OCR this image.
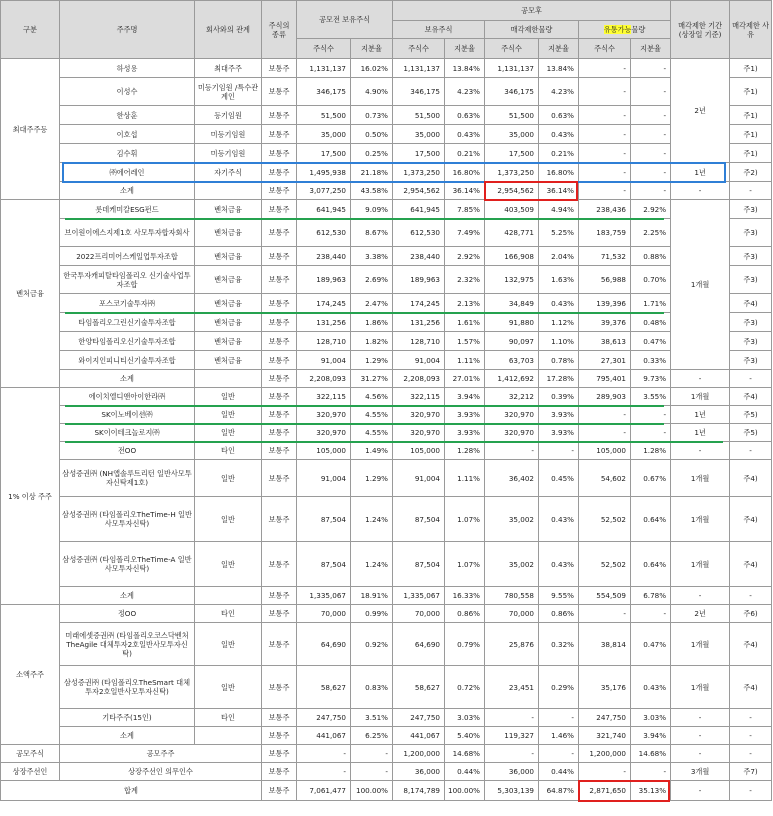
구분	주주명	회사와의 관계	주식의 종류	공모전 보유주식		공모후						매각제한 기간 (상장일 기준)	매각제한 사유
						보유주식		매각제한물량		유통가능물량			
				주식수	지분율	주식수	지분율	주식수	지분율	주식수	지분율		
최대주주등	하성용	최대주주	보통주	1,131,137	16.02%	1,131,137	13.84%	1,131,137	13.84%	-	-	2년	주1)
	이성수	미등기임원 /특수관계인	보통주	346,175	4.90%	346,175	4.23%	346,175	4.23%	-	-		주1)
	한상훈	등기임원	보통주	51,500	0.73%	51,500	0.63%	51,500	0.63%	-	-		주1)
	이호섭	미등기임원	보통주	35,000	0.50%	35,000	0.43%	35,000	0.43%	-	-		주1)
	김수휘	미등기임원	보통주	17,500	0.25%	17,500	0.21%	17,500	0.21%	-	-		주1)
	㈜에어레인	자기주식	보통주	1,495,938	21.18%	1,373,250	16.80%	1,373,250	16.80%	-	-	1년	주2)
	소계		보통주	3,077,250	43.58%	2,954,562	36.14%	2,954,562	36.14%	-	-	-	-
벤처금융	롯데케미칼ESG펀드	벤처금융	보통주	641,945	9.09%	641,945	7.85%	403,509	4.94%	238,436	2.92%	1개월	주3)
	브이원이에스지제1호 사모투자합자회사	벤처금융	보통주	612,530	8.67%	612,530	7.49%	428,771	5.25%	183,759	2.25%		주3)
	2022프리미어스케일업투자조합	벤처금융	보통주	238,440	3.38%	238,440	2.92%	166,908	2.04%	71,532	0.88%		주3)
	한국투자캐피탈타임폴리오 신기술사업투자조합	벤처금융	보통주	189,963	2.69%	189,963	2.32%	132,975	1.63%	56,988	0.70%		주3)
	포스코기술투자㈜	벤처금융	보통주	174,245	2.47%	174,245	2.13%	34,849	0.43%	139,396	1.71%		주4)
	타임폴리오그린신기술투자조합	벤처금융	보통주	131,256	1.86%	131,256	1.61%	91,880	1.12%	39,376	0.48%		주3)
	한양타임폴리오신기술투자조합	벤처금융	보통주	128,710	1.82%	128,710	1.57%	90,097	1.10%	38,613	0.47%		주3)
	와이지인피니티신기술투자조합	벤처금융	보통주	91,004	1.29%	91,004	1.11%	63,703	0.78%	27,301	0.33%		주3)
	소계		보통주	2,208,093	31.27%	2,208,093	27.01%	1,412,692	17.28%	795,401	9.73%	-	-
1% 이상 주주	에이치엘디앤아이한라㈜	일반	보통주	322,115	4.56%	322,115	3.94%	32,212	0.39%	289,903	3.55%	1개월	주4)
	SK이노베이션㈜	일반	보통주	320,970	4.55%	320,970	3.93%	320,970	3.93%	-	-	1년	주5)
	SK이이테크놀로지㈜	일반	보통주	320,970	4.55%	320,970	3.93%	320,970	3.93%	-	-	1년	주5)
	전OO	타인	보통주	105,000	1.49%	105,000	1.28%	-	-	105,000	1.28%	-	-
	삼성증권㈜ (NH앱솔루트리턴 일반사모투자신탁제1호)	일반	보통주	91,004	1.29%	91,004	1.11%	36,402	0.45%	54,602	0.67%	1개월	주4)
	삼성증권㈜ (타임폴리오TheTime-H 일반사모투자신탁)	일반	보통주	87,504	1.24%	87,504	1.07%	35,002	0.43%	52,502	0.64%	1개월	주4)
	삼성증권㈜ (타임폴리오TheTime-A 일반사모투자신탁)	일반	보통주	87,504	1.24%	87,504	1.07%	35,002	0.43%	52,502	0.64%	1개월	주4)
	소계		보통주	1,335,067	18.91%	1,335,067	16.33%	780,558	9.55%	554,509	6.78%	-	-
소액주주	정OO	타인	보통주	70,000	0.99%	70,000	0.86%	70,000	0.86%	-	-	2년	주6)
	미래에셋증권㈜ (타임폴리오코스닥벤처TheAgile 대체투자2호일반사모투자신탁)	일반	보통주	64,690	0.92%	64,690	0.79%	25,876	0.32%	38,814	0.47%	1개월	주4)
	삼성증권㈜ (타임폴리오TheSmart 대체투자2호일반사모투자신탁)	일반	보통주	58,627	0.83%	58,627	0.72%	23,451	0.29%	35,176	0.43%	1개월	주4)
	기타주주(15인)	타인	보통주	247,750	3.51%	247,750	3.03%	-	-	247,750	3.03%	-	-
	소계		보통주	441,067	6.25%	441,067	5.40%	119,327	1.46%	321,740	3.94%	-	-
공모주식	공모주주		보통주	-	-	1,200,000	14.68%	-	-	1,200,000	14.68%	-	-
상장주선인	상장주선인 의무인수		보통주	-	-	36,000	0.44%	36,000	0.44%	-	-	3개월	주7)
합계			보통주	7,061,477	100.00%	8,174,789	100.00%	5,303,139	64.87%	2,871,650	35.13%	-	-
